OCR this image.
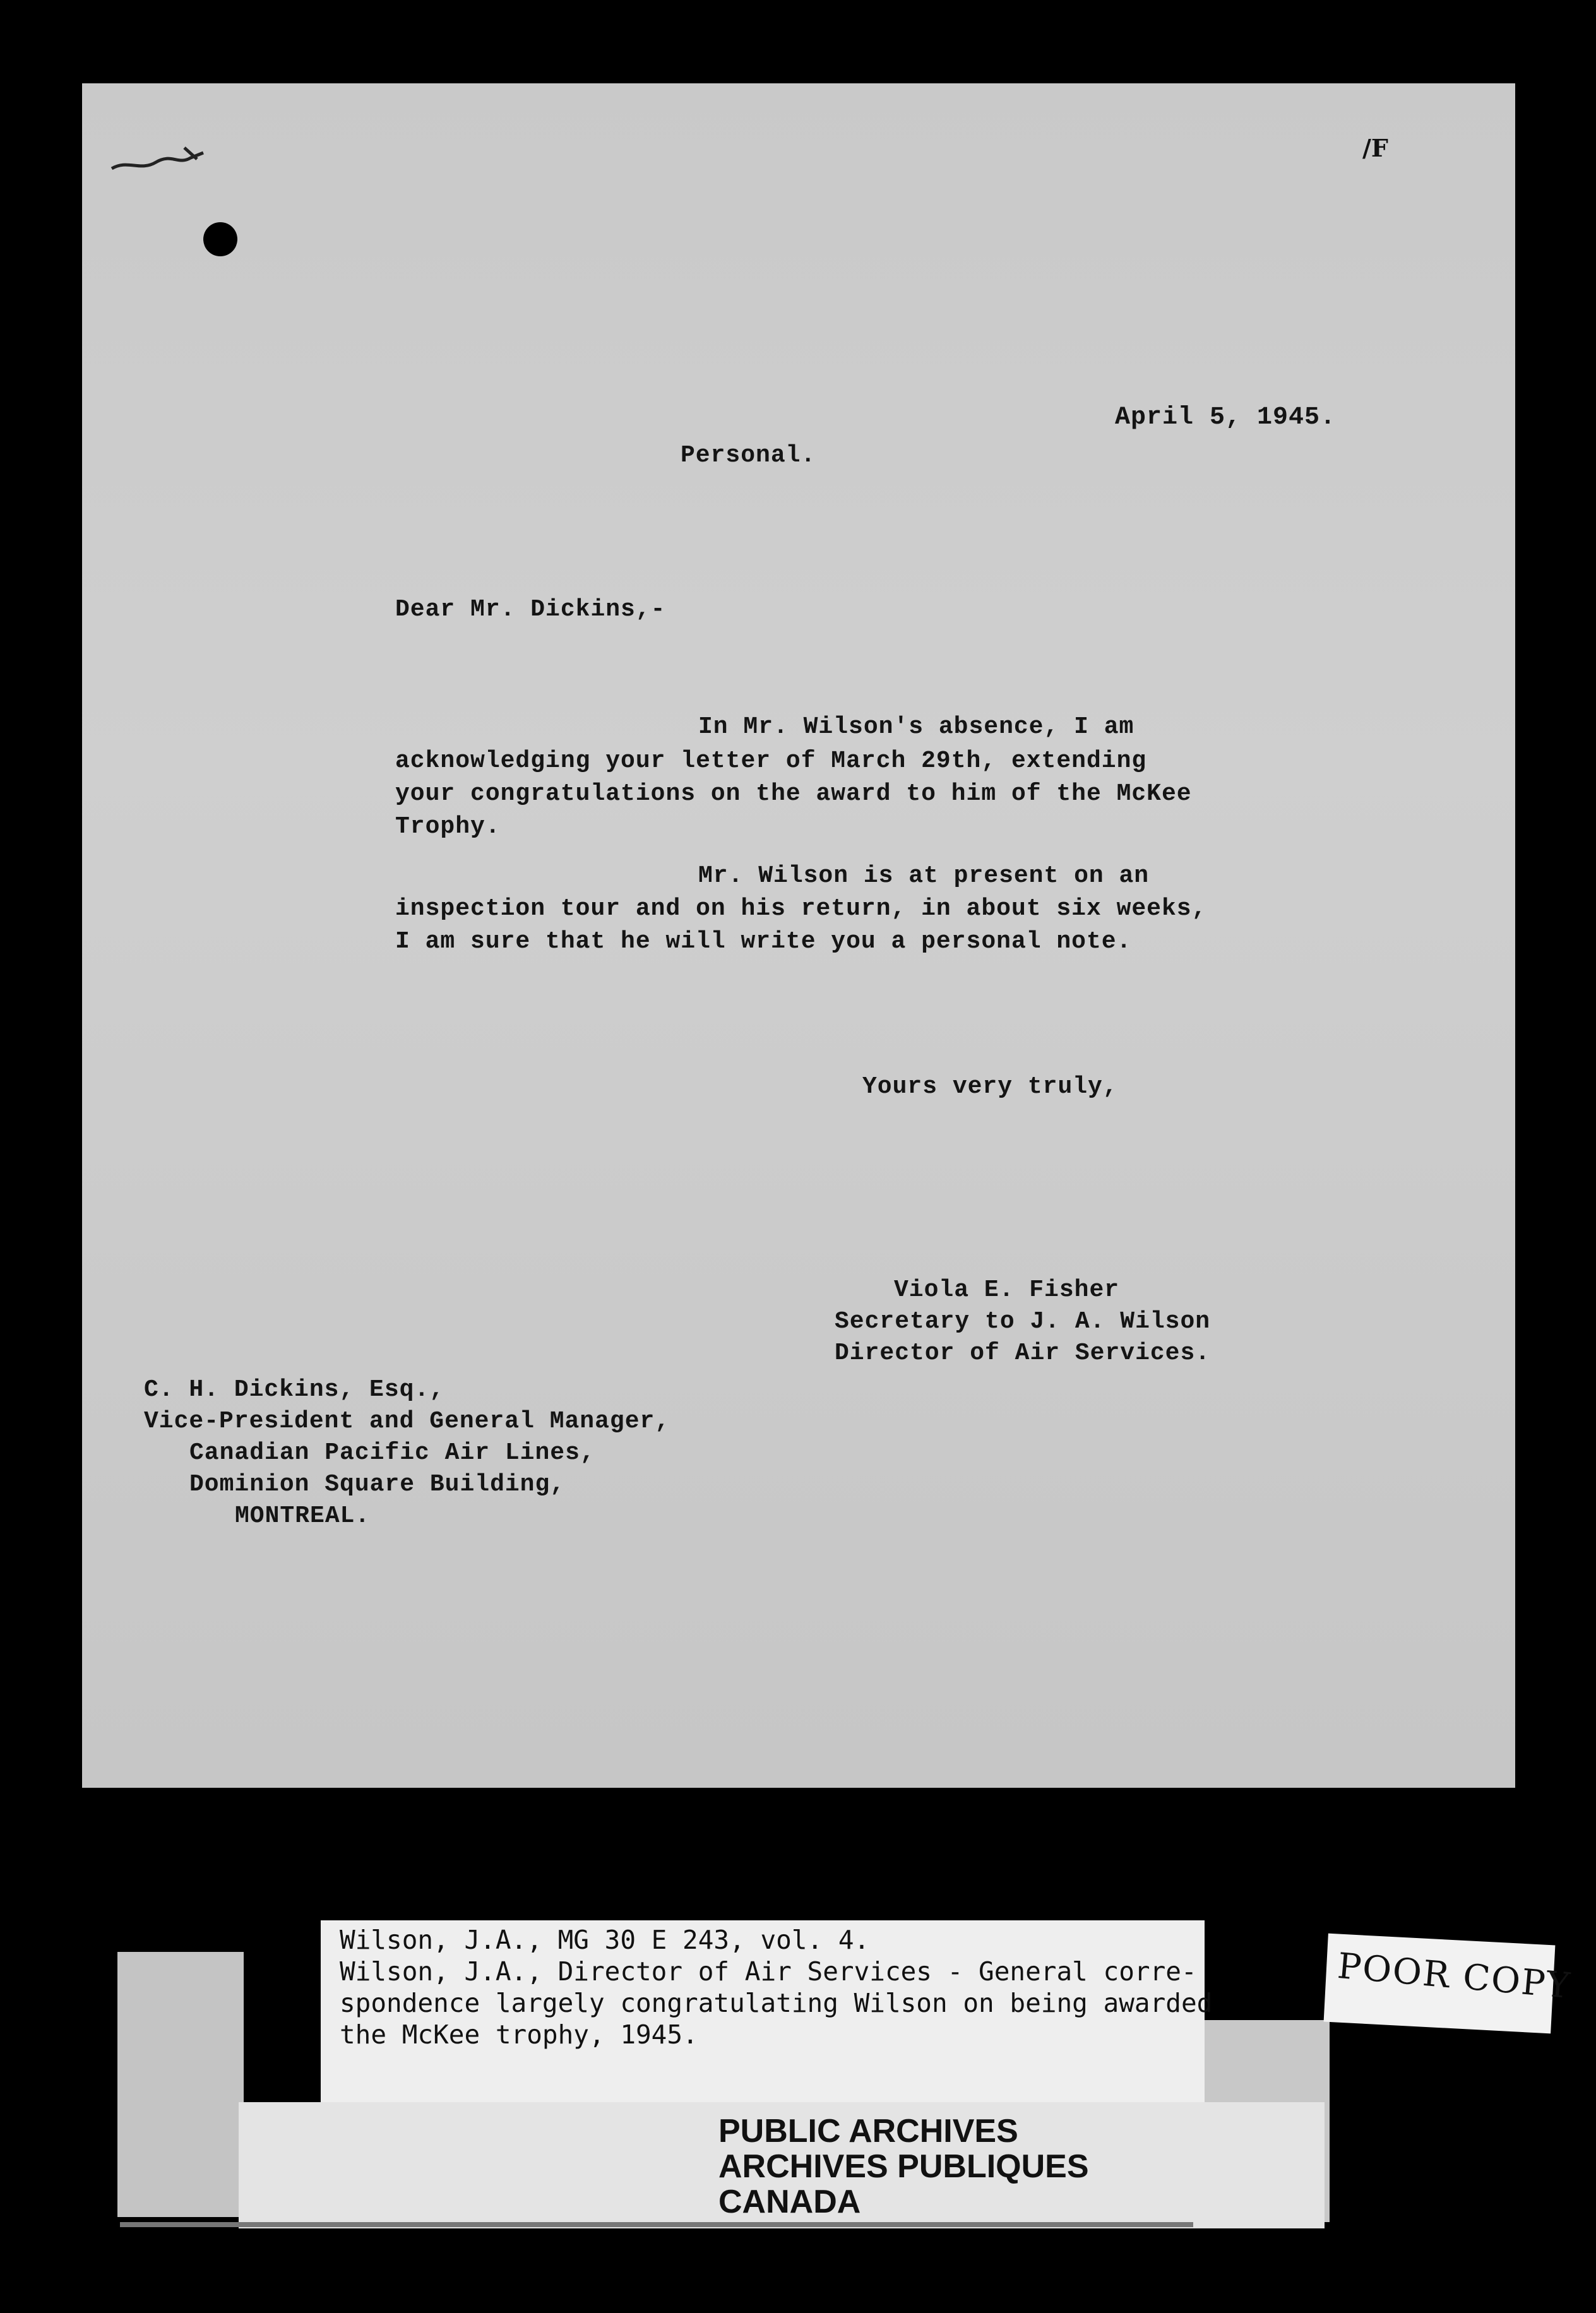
/F
April 5, 1945.
Personal.
Dear Mr. Dickins,-
In Mr. Wilson's absence, I am
acknowledging your letter of March 29th, extending
your congratulations on the award to him of the McKee
Trophy.
Mr. Wilson is at present on an
inspection tour and on his return, in about six weeks,
I am sure that he will write you a personal note.
Yours very truly,
Viola E. Fisher
Secretary to J. A. Wilson
Director of Air Services.
C. H. Dickins, Esq.,
Vice-President and General Manager,
Canadian Pacific Air Lines,
Dominion Square Building,
MONTREAL.
Wilson, J.A., MG 30 E 243, vol. 4.
Wilson, J.A., Director of Air Services - General corre-
spondence largely congratulating Wilson on being awarded
the McKee trophy, 1945.
POOR COPY
